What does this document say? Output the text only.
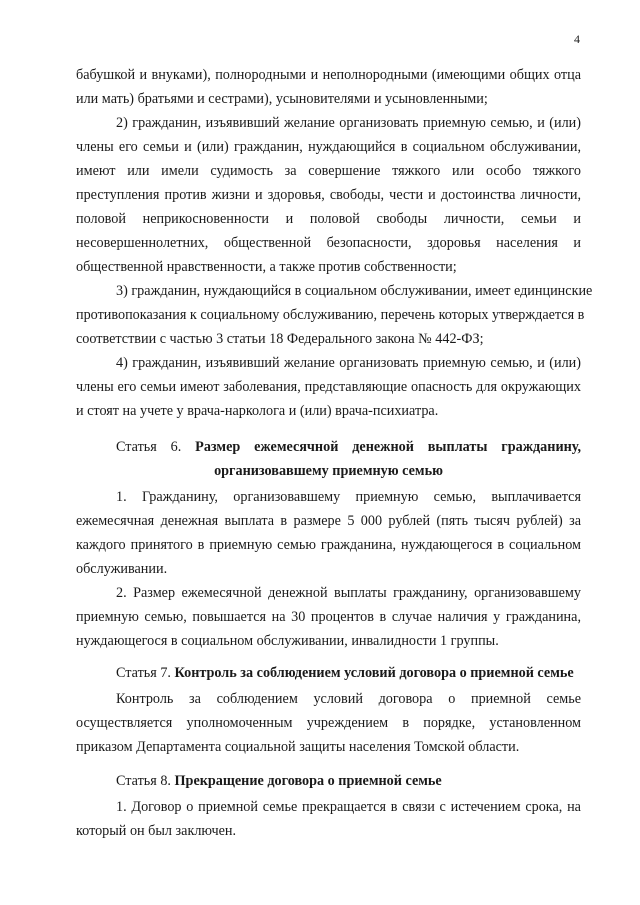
4
бабушкой и внуками), полнородными и неполнородными (имеющими общих отца
или мать) братьями и сестрами), усыновителями и усыновленными;
2) гражданин, изъявивший желание организовать приемную семью, и (или)
члены его семьи и (или) гражданин, нуждающийся в социальном обслуживании,
имеют или имели судимость за совершение тяжкого или особо тяжкого
преступления против жизни и здоровья, свободы, чести и достоинства личности,
половой неприкосновенности и половой свободы личности, семьи и
несовершеннолетних, общественной безопасности, здоровья населения и
общественной нравственности, а также против собственности;
3) гражданин, нуждающийся в социальном обслуживании, имеет единцинские
противопоказания к социальному обслуживанию, перечень которых утверждается в
соответствии с частью 3 статьи 18 Федерального закона № 442-ФЗ;
4) гражданин, изъявивший желание организовать приемную семью, и (или)
члены его семьи имеют заболевания, представляющие опасность для окружающих
и стоят на учете у врача-нарколога и (или) врача-психиатра.
Статья 6. Размер ежемесячной денежной выплаты гражданину,
организовавшему приемную семью
1. Гражданину, организовавшему приемную семью, выплачивается
ежемесячная денежная выплата в размере 5 000 рублей (пять тысяч рублей) за
каждого принятого в приемную семью гражданина, нуждающегося в социальном
обслуживании.
2. Размер ежемесячной денежной выплаты гражданину, организовавшему
приемную семью, повышается на 30 процентов в случае наличия у гражданина,
нуждающегося в социальном обслуживании, инвалидности 1 группы.
Статья 7. Контроль за соблюдением условий договора о приемной семье
Контроль за соблюдением условий договора о приемной семье
осуществляется уполномоченным учреждением в порядке, установленном
приказом Департамента социальной защиты населения Томской области.
Статья 8. Прекращение договора о приемной семье
1. Договор о приемной семье прекращается в связи с истечением срока, на
который он был заключен.
